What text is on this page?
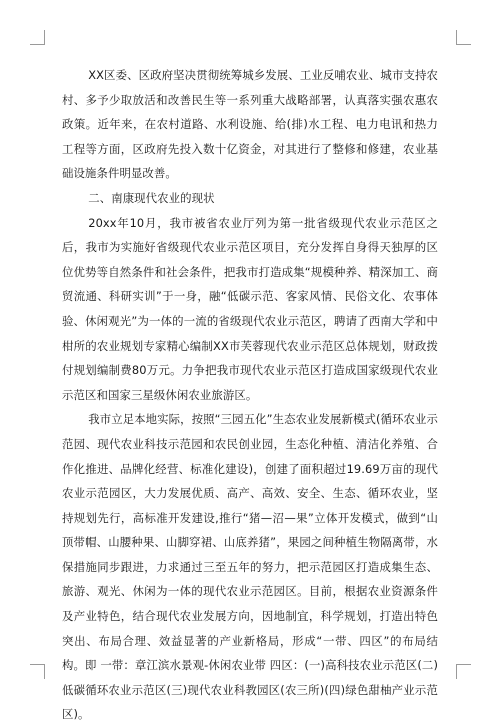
XX区委、区政府坚决贯彻统筹城乡发展、工业反哺农业、城市支持农村、多予少取放活和改善民生等一系列重大战略部署，认真落实强农惠农政策。近年来，在农村道路、水利设施、给(排)水工程、电力电讯和热力工程等方面，区政府先投入数十亿资金，对其进行了整修和修建，农业基础设施条件明显改善。

二、南康现代农业的现状

20xx年10月，我市被省农业厅列为第一批省级现代农业示范区之后，我市为实施好省级现代农业示范区项目，充分发挥自身得天独厚的区位优势等自然条件和社会条件，把我市打造成集“规模种养、精深加工、商贸流通、科研实训”于一身，融“低碳示范、客家风情、民俗文化、农事体验、休闲观光”为一体的一流的省级现代农业示范区，聘请了西南大学和中柑所的农业规划专家精心编制XX市芙蓉现代农业示范区总体规划，财政拨付规划编制费80万元。力争把我市现代农业示范区打造成国家级现代农业示范区和国家三星级休闲农业旅游区。

我市立足本地实际，按照“三园五化”生态农业发展新模式(循环农业示范园、现代农业科技示范园和农民创业园，生态化种植、清洁化养殖、合作化推进、品牌化经营、标准化建设)，创建了面积超过19.69万亩的现代农业示范园区，大力发展优质、高产、高效、安全、生态、循环农业，坚持规划先行，高标准开发建设,推行“猪—沼—果”立体开发模式，做到“山顶带帽、山腰种果、山脚穿裙、山底养猪”，果园之间种植生物隔离带，水保措施同步跟进，力求通过三至五年的努力，把示范园区打造成集生态、旅游、观光、休闲为一体的现代农业示范园区。目前，根据农业资源条件及产业特色，结合现代农业发展方向，因地制宜，科学规划，打造出特色突出、布局合理、效益显著的产业新格局，形成“一带、四区”的布局结构。即 一带：章江滨水景观-休闲农业带 四区：(一)高科技农业示范区(二)低碳循环农业示范区(三)现代农业科教园区(农三所)(四)绿色甜柚产业示范区)。
